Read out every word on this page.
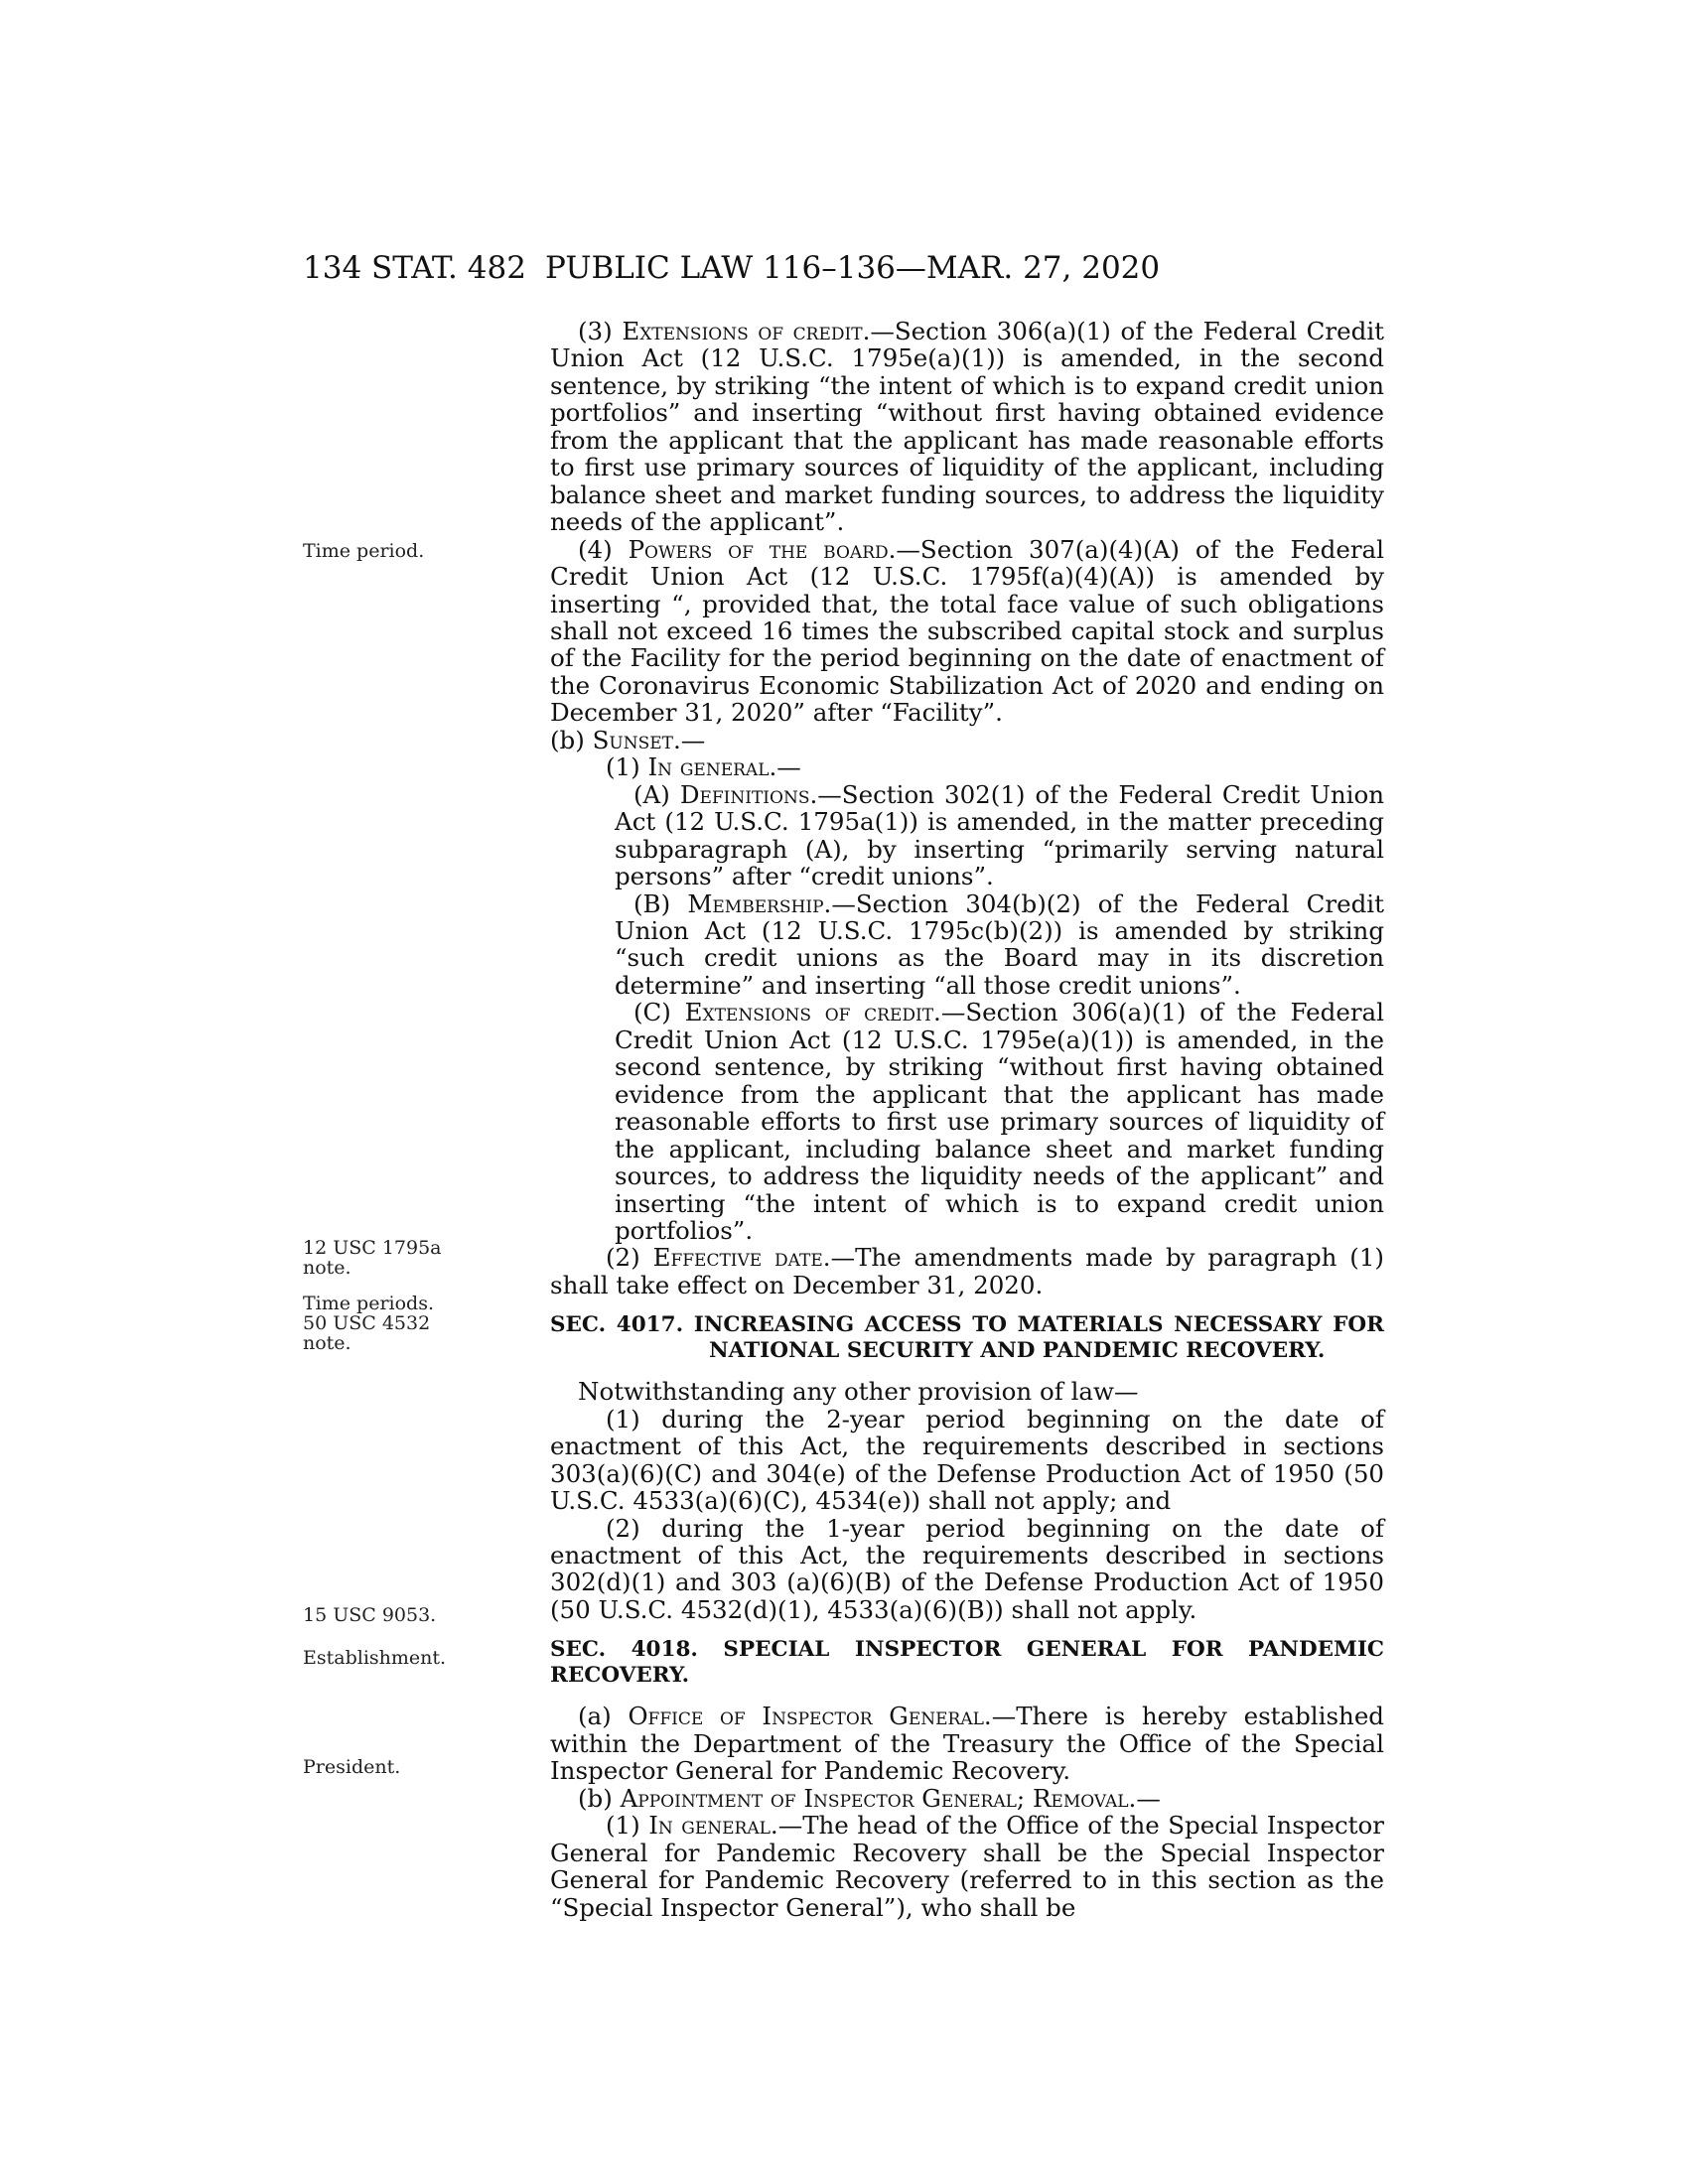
134 STAT. 482 PUBLIC LAW 116–136—MAR. 27, 2020
Time period.
12 USC 1795a
note.
Time periods.
50 USC 4532
note.
15 USC 9053.
Establishment.
President.

(3) Extensions of credit.—Section 306(a)(1) of the Federal Credit Union Act (12 U.S.C. 1795e(a)(1)) is amended, in the second sentence, by striking “the intent of which is to expand credit union portfolios” and inserting “without first having obtained evidence from the applicant that the applicant has made reasonable efforts to first use primary sources of liquidity of the applicant, including balance sheet and market funding sources, to address the liquidity needs of the applicant”.

(4) Powers of the board.—Section 307(a)(4)(A) of the Federal Credit Union Act (12 U.S.C. 1795f(a)(4)(A)) is amended by inserting “, provided that, the total face value of such obligations shall not exceed 16 times the subscribed capital stock and surplus of the Facility for the period beginning on the date of enactment of the Coronavirus Economic Stabilization Act of 2020 and ending on December 31, 2020” after “Facility”.

(b) Sunset.—

(1) In general.—

(A) Definitions.—Section 302(1) of the Federal Credit Union Act (12 U.S.C. 1795a(1)) is amended, in the matter preceding subparagraph (A), by inserting “primarily serving natural persons” after “credit unions”.

(B) Membership.—Section 304(b)(2) of the Federal Credit Union Act (12 U.S.C. 1795c(b)(2)) is amended by striking “such credit unions as the Board may in its discretion determine” and inserting “all those credit unions”.

(C) Extensions of credit.—Section 306(a)(1) of the Federal Credit Union Act (12 U.S.C. 1795e(a)(1)) is amended, in the second sentence, by striking “without first having obtained evidence from the applicant that the applicant has made reasonable efforts to first use primary sources of liquidity of the applicant, including balance sheet and market funding sources, to address the liquidity needs of the applicant” and inserting “the intent of which is to expand credit union portfolios”.

(2) Effective date.—The amendments made by paragraph (1) shall take effect on December 31, 2020.

SEC. 4017. INCREASING ACCESS TO MATERIALS NECESSARY FOR
NATIONAL SECURITY AND PANDEMIC RECOVERY.

Notwithstanding any other provision of law—

(1) during the 2-year period beginning on the date of enactment of this Act, the requirements described in sections 303(a)(6)(C) and 304(e) of the Defense Production Act of 1950 (50 U.S.C. 4533(a)(6)(C), 4534(e)) shall not apply; and

(2) during the 1-year period beginning on the date of enactment of this Act, the requirements described in sections 302(d)(1) and 303 (a)(6)(B) of the Defense Production Act of 1950 (50 U.S.C. 4532(d)(1), 4533(a)(6)(B)) shall not apply.

SEC. 4018. SPECIAL INSPECTOR GENERAL FOR PANDEMIC RECOVERY.

(a) Office of Inspector General.—There is hereby established within the Department of the Treasury the Office of the Special Inspector General for Pandemic Recovery.

(b) Appointment of Inspector General; Removal.—

(1) In general.—The head of the Office of the Special Inspector General for Pandemic Recovery shall be the Special Inspector General for Pandemic Recovery (referred to in this section as the “Special Inspector General”), who shall be
